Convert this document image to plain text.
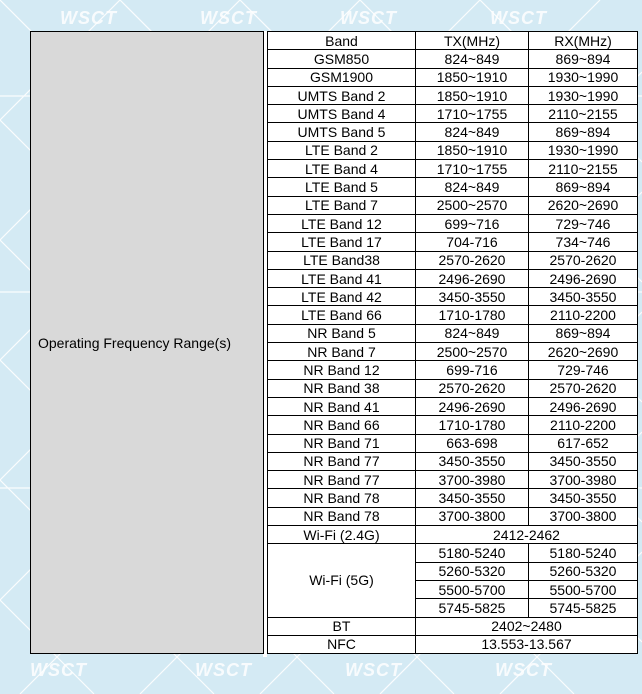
WSCT	WSCT	WSCT	WSCT
WSCT	WSCT	WSCT	WSCT
Operating Frequency Range(s)		Band	TX(MHz)	RX(MHz)
		GSM850	824~849	869~894
		GSM1900	1850~1910	1930~1990
		UMTS Band 2	1850~1910	1930~1990
		UMTS Band 4	1710~1755	2110~2155
		UMTS Band 5	824~849	869~894
		LTE Band 2	1850~1910	1930~1990
		LTE Band 4	1710~1755	2110~2155
		LTE Band 5	824~849	869~894
		LTE Band 7	2500~2570	2620~2690
		LTE Band 12	699~716	729~746
		LTE Band 17	704-716	734~746
		LTE Band38	2570-2620	2570-2620
		LTE Band 41	2496-2690	2496-2690
		LTE Band 42	3450-3550	3450-3550
		LTE Band 66	1710-1780	2110-2200
		NR Band 5	824~849	869~894
		NR Band 7	2500~2570	2620~2690
		NR Band 12	699-716	729-746
		NR Band 38	2570-2620	2570-2620
		NR Band 41	2496-2690	2496-2690
		NR Band 66	1710-1780	2110-2200
		NR Band 71	663-698	617-652
		NR Band 77	3450-3550	3450-3550
		NR Band 77	3700-3980	3700-3980
		NR Band 78	3450-3550	3450-3550
		NR Band 78	3700-3800	3700-3800
		Wi-Fi (2.4G)	2412-2462	
		Wi-Fi (5G)	5180-5240	5180-5240
			5260-5320	5260-5320
			5500-5700	5500-5700
			5745-5825	5745-5825
		BT	2402~2480	
		NFC	13.553-13.567	
